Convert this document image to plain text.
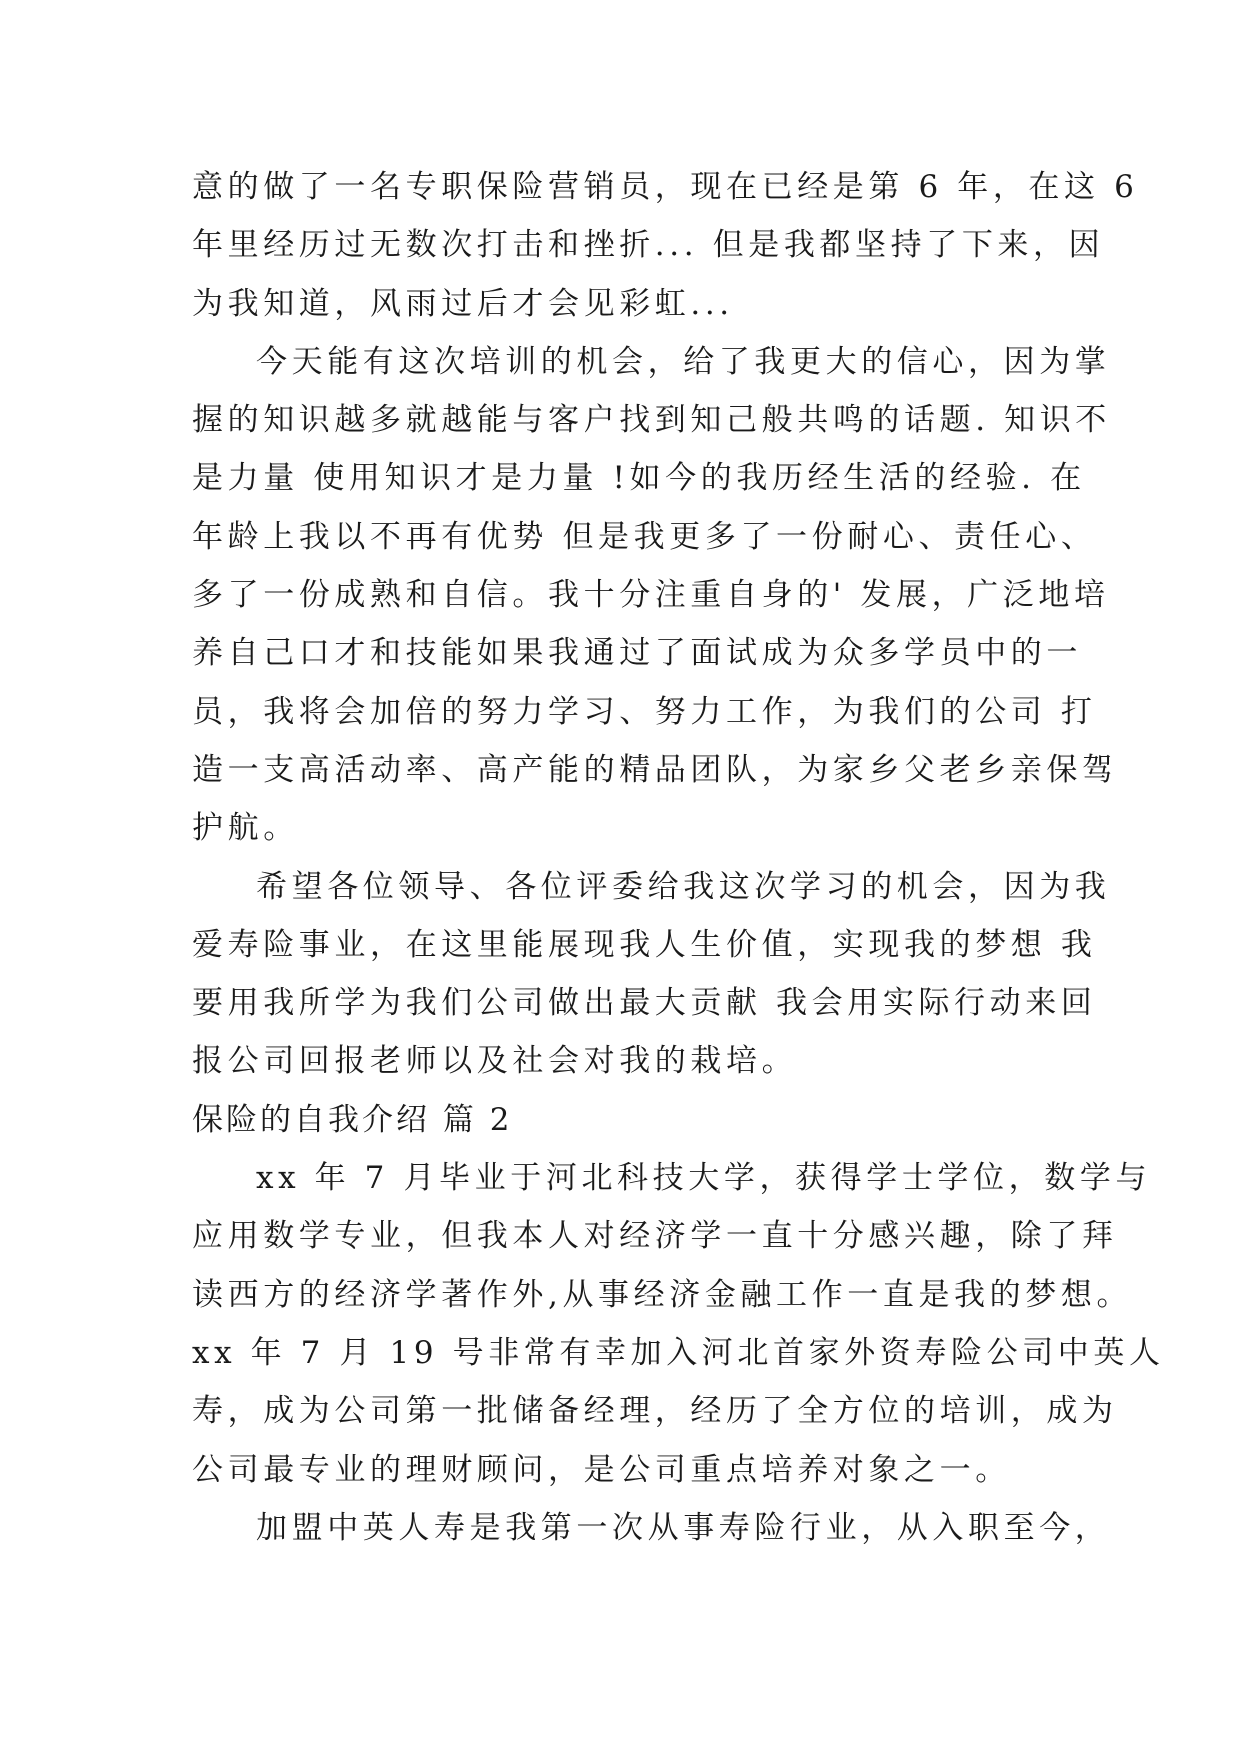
意的做了一名专职保险营销员，现在已经是第 6 年，在这 6
年里经历过无数次打击和挫折... 但是我都坚持了下来，因
为我知道，风雨过后才会见彩虹...
今天能有这次培训的机会，给了我更大的信心，因为掌
握的知识越多就越能与客户找到知己般共鸣的话题. 知识不
是力量 使用知识才是力量 !如今的我历经生活的经验. 在
年龄上我以不再有优势 但是我更多了一份耐心、责任心、
多了一份成熟和自信。我十分注重自身的' 发展，广泛地培
养自己口才和技能如果我通过了面试成为众多学员中的一
员，我将会加倍的努力学习、努力工作，为我们的公司 打
造一支高活动率、高产能的精品团队，为家乡父老乡亲保驾
护航。
希望各位领导、各位评委给我这次学习的机会，因为我
爱寿险事业，在这里能展现我人生价值，实现我的梦想 我
要用我所学为我们公司做出最大贡献 我会用实际行动来回
报公司回报老师以及社会对我的栽培。
保险的自我介绍 篇 2
xx 年 7 月毕业于河北科技大学，获得学士学位，数学与
应用数学专业，但我本人对经济学一直十分感兴趣，除了拜
读西方的经济学著作外,从事经济金融工作一直是我的梦想。
xx 年 7 月 19 号非常有幸加入河北首家外资寿险公司中英人
寿，成为公司第一批储备经理，经历了全方位的培训，成为
公司最专业的理财顾问，是公司重点培养对象之一。
加盟中英人寿是我第一次从事寿险行业，从入职至今，
